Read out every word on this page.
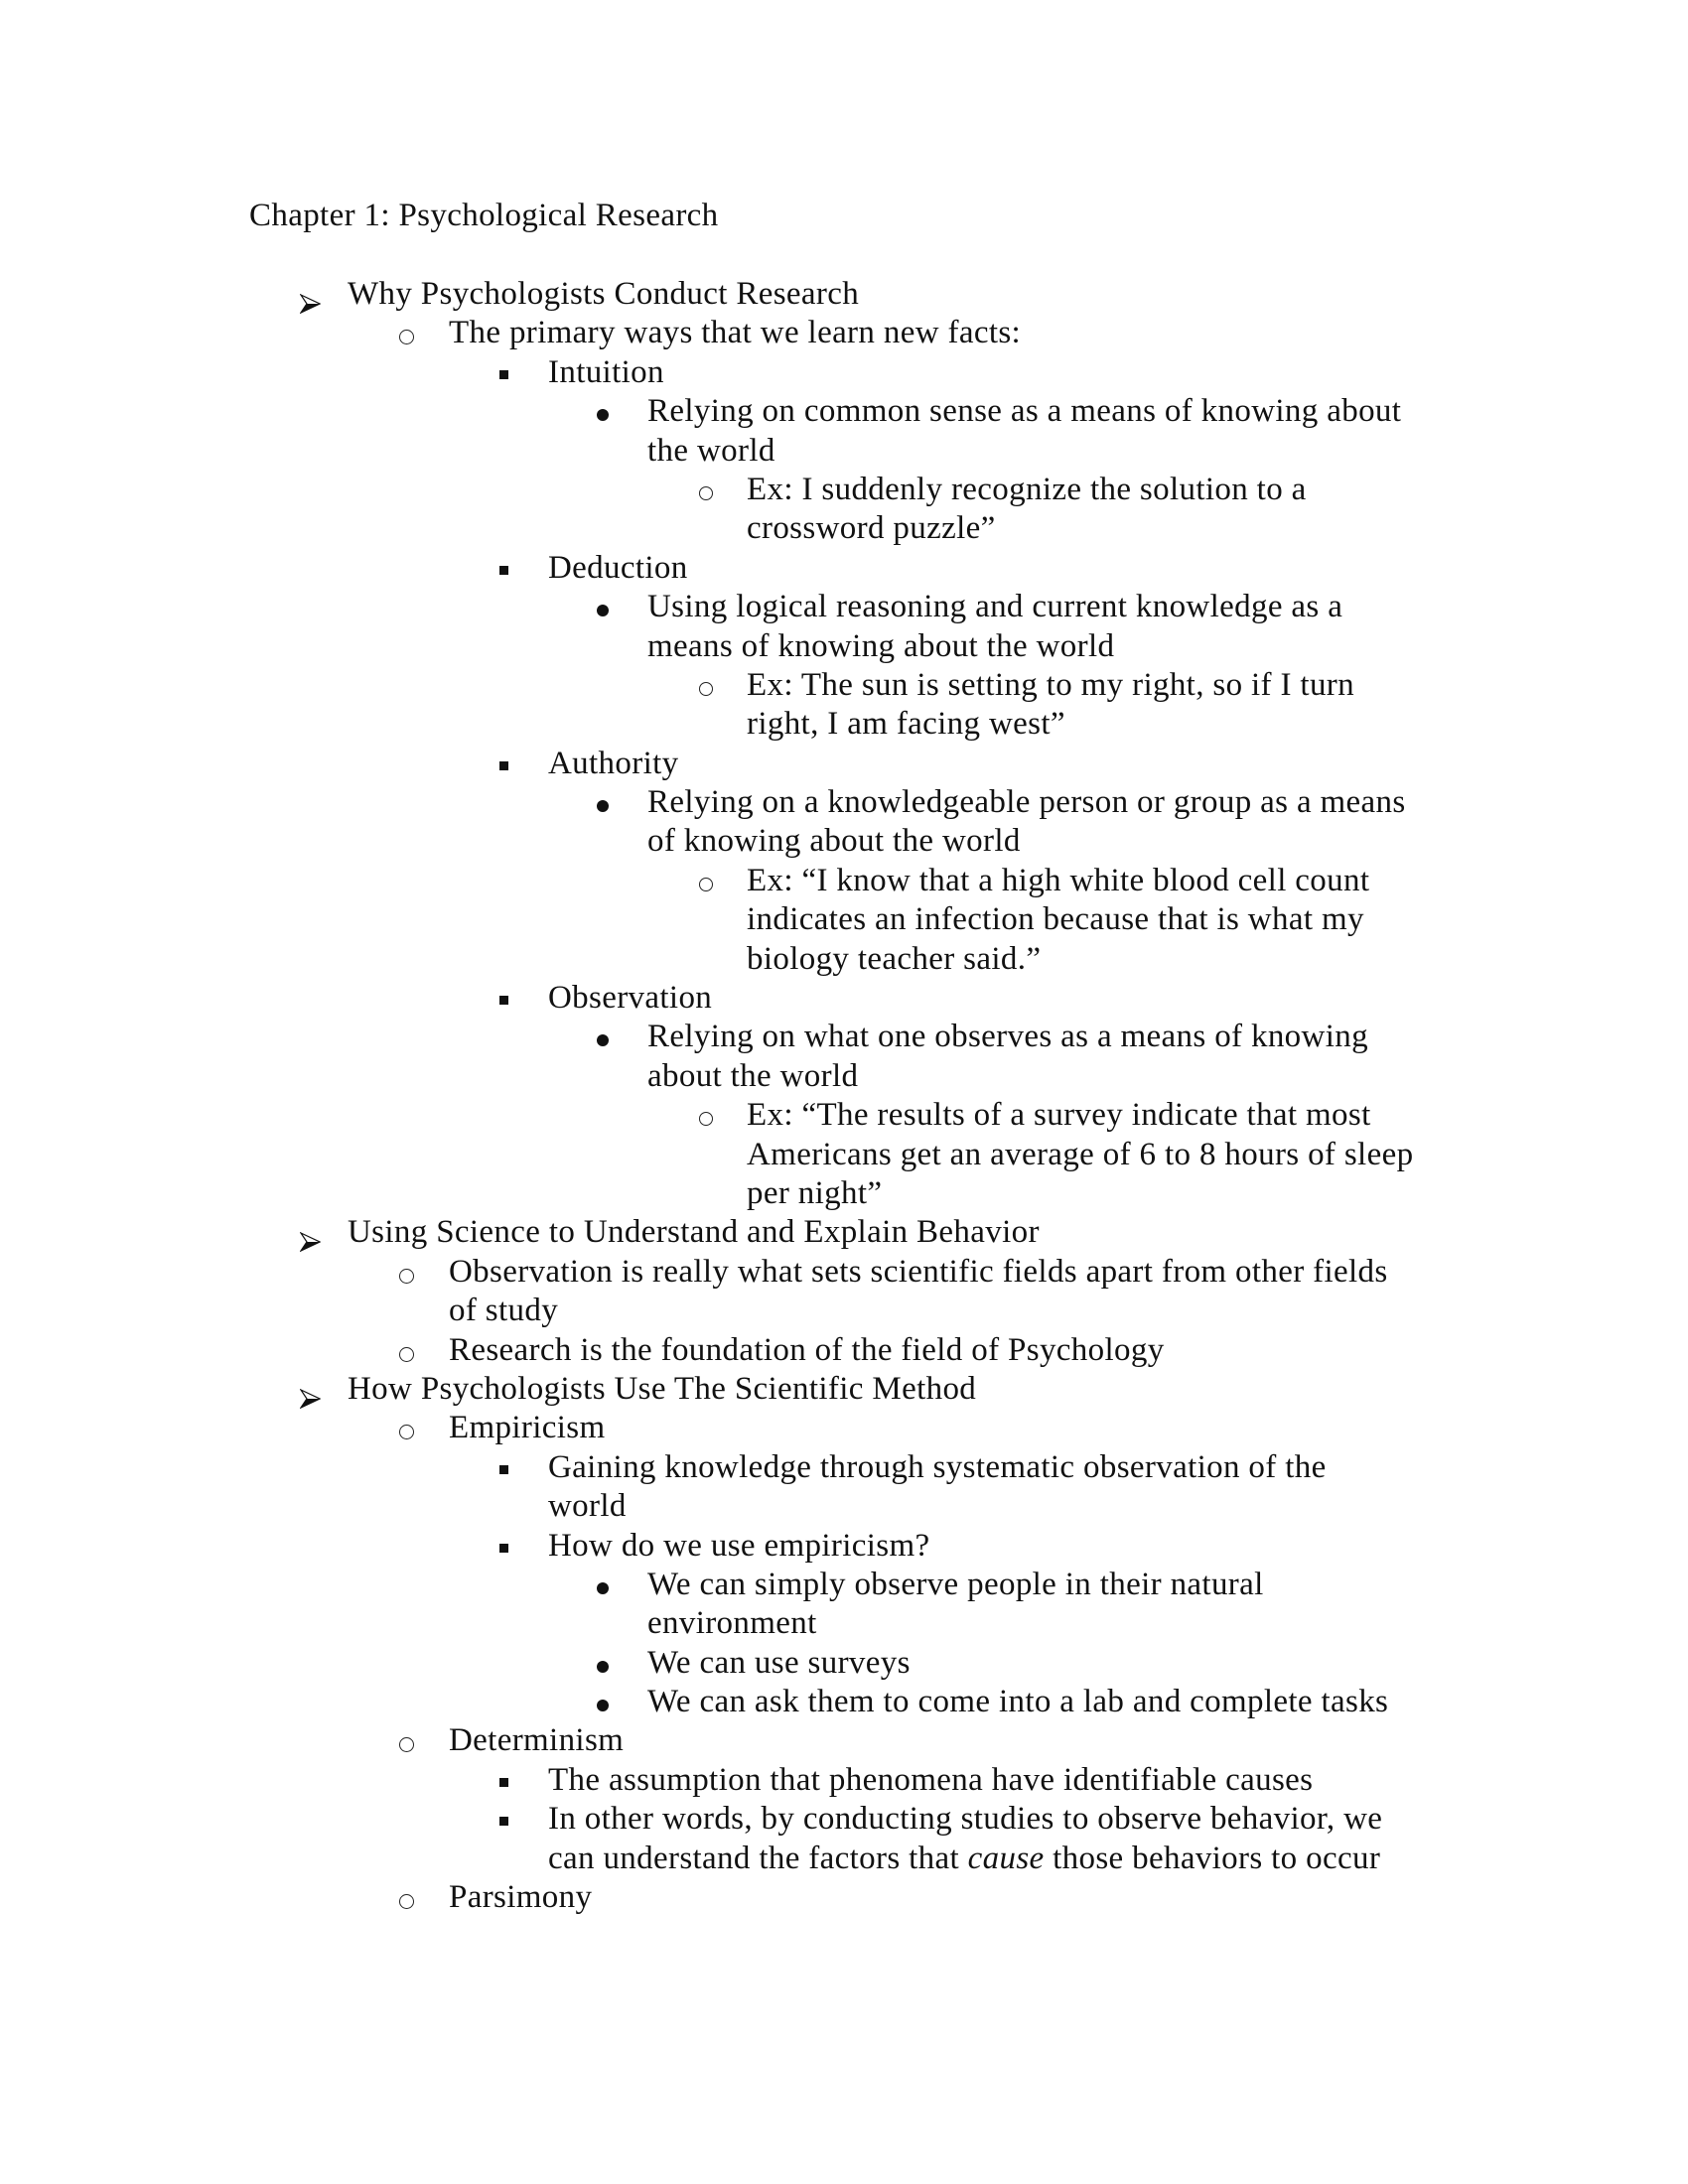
Chapter 1: Psychological Research
Why Psychologists Conduct Research
The primary ways that we learn new facts:
Intuition
Relying on common sense as a means of knowing about
the world
Ex: I suddenly recognize the solution to a
crossword puzzle”
Deduction
Using logical reasoning and current knowledge as a
means of knowing about the world
Ex: The sun is setting to my right, so if I turn
right, I am facing west”
Authority
Relying on a knowledgeable person or group as a means
of knowing about the world
Ex: “I know that a high white blood cell count
indicates an infection because that is what my
biology teacher said.”
Observation
Relying on what one observes as a means of knowing
about the world
Ex: “The results of a survey indicate that most
Americans get an average of 6 to 8 hours of sleep
per night”
Using Science to Understand and Explain Behavior
Observation is really what sets scientific fields apart from other fields
of study
Research is the foundation of the field of Psychology
How Psychologists Use The Scientific Method
Empiricism
Gaining knowledge through systematic observation of the
world
How do we use empiricism?
We can simply observe people in their natural
environment
We can use surveys
We can ask them to come into a lab and complete tasks
Determinism
The assumption that phenomena have identifiable causes
In other words, by conducting studies to observe behavior, we
can understand the factors that cause those behaviors to occur
Parsimony
